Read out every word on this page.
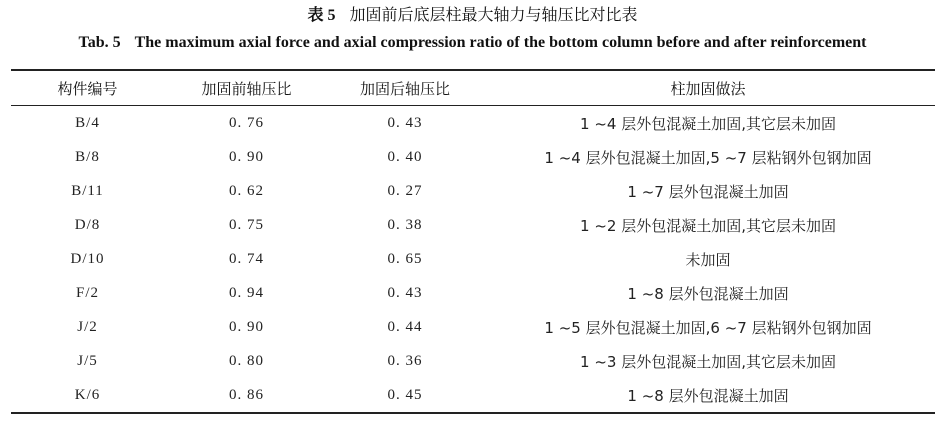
表 5 加固前后底层柱最大轴力与轴压比对比表
Tab. 5 The maximum axial force and axial compression ratio of the bottom column before and after reinforcement
构件编号	加固前轴压比	加固后轴压比	柱加固做法
B/4	0. 76	0. 43	1 ~4 层外包混凝土加固,其它层未加固
B/8	0. 90	0. 40	1 ~4 层外包混凝土加固,5 ~7 层粘钢外包钢加固
B/11	0. 62	0. 27	1 ~7 层外包混凝土加固
D/8	0. 75	0. 38	1 ~2 层外包混凝土加固,其它层未加固
D/10	0. 74	0. 65	未加固
F/2	0. 94	0. 43	1 ~8 层外包混凝土加固
J/2	0. 90	0. 44	1 ~5 层外包混凝土加固,6 ~7 层粘钢外包钢加固
J/5	0. 80	0. 36	1 ~3 层外包混凝土加固,其它层未加固
K/6	0. 86	0. 45	1 ~8 层外包混凝土加固
